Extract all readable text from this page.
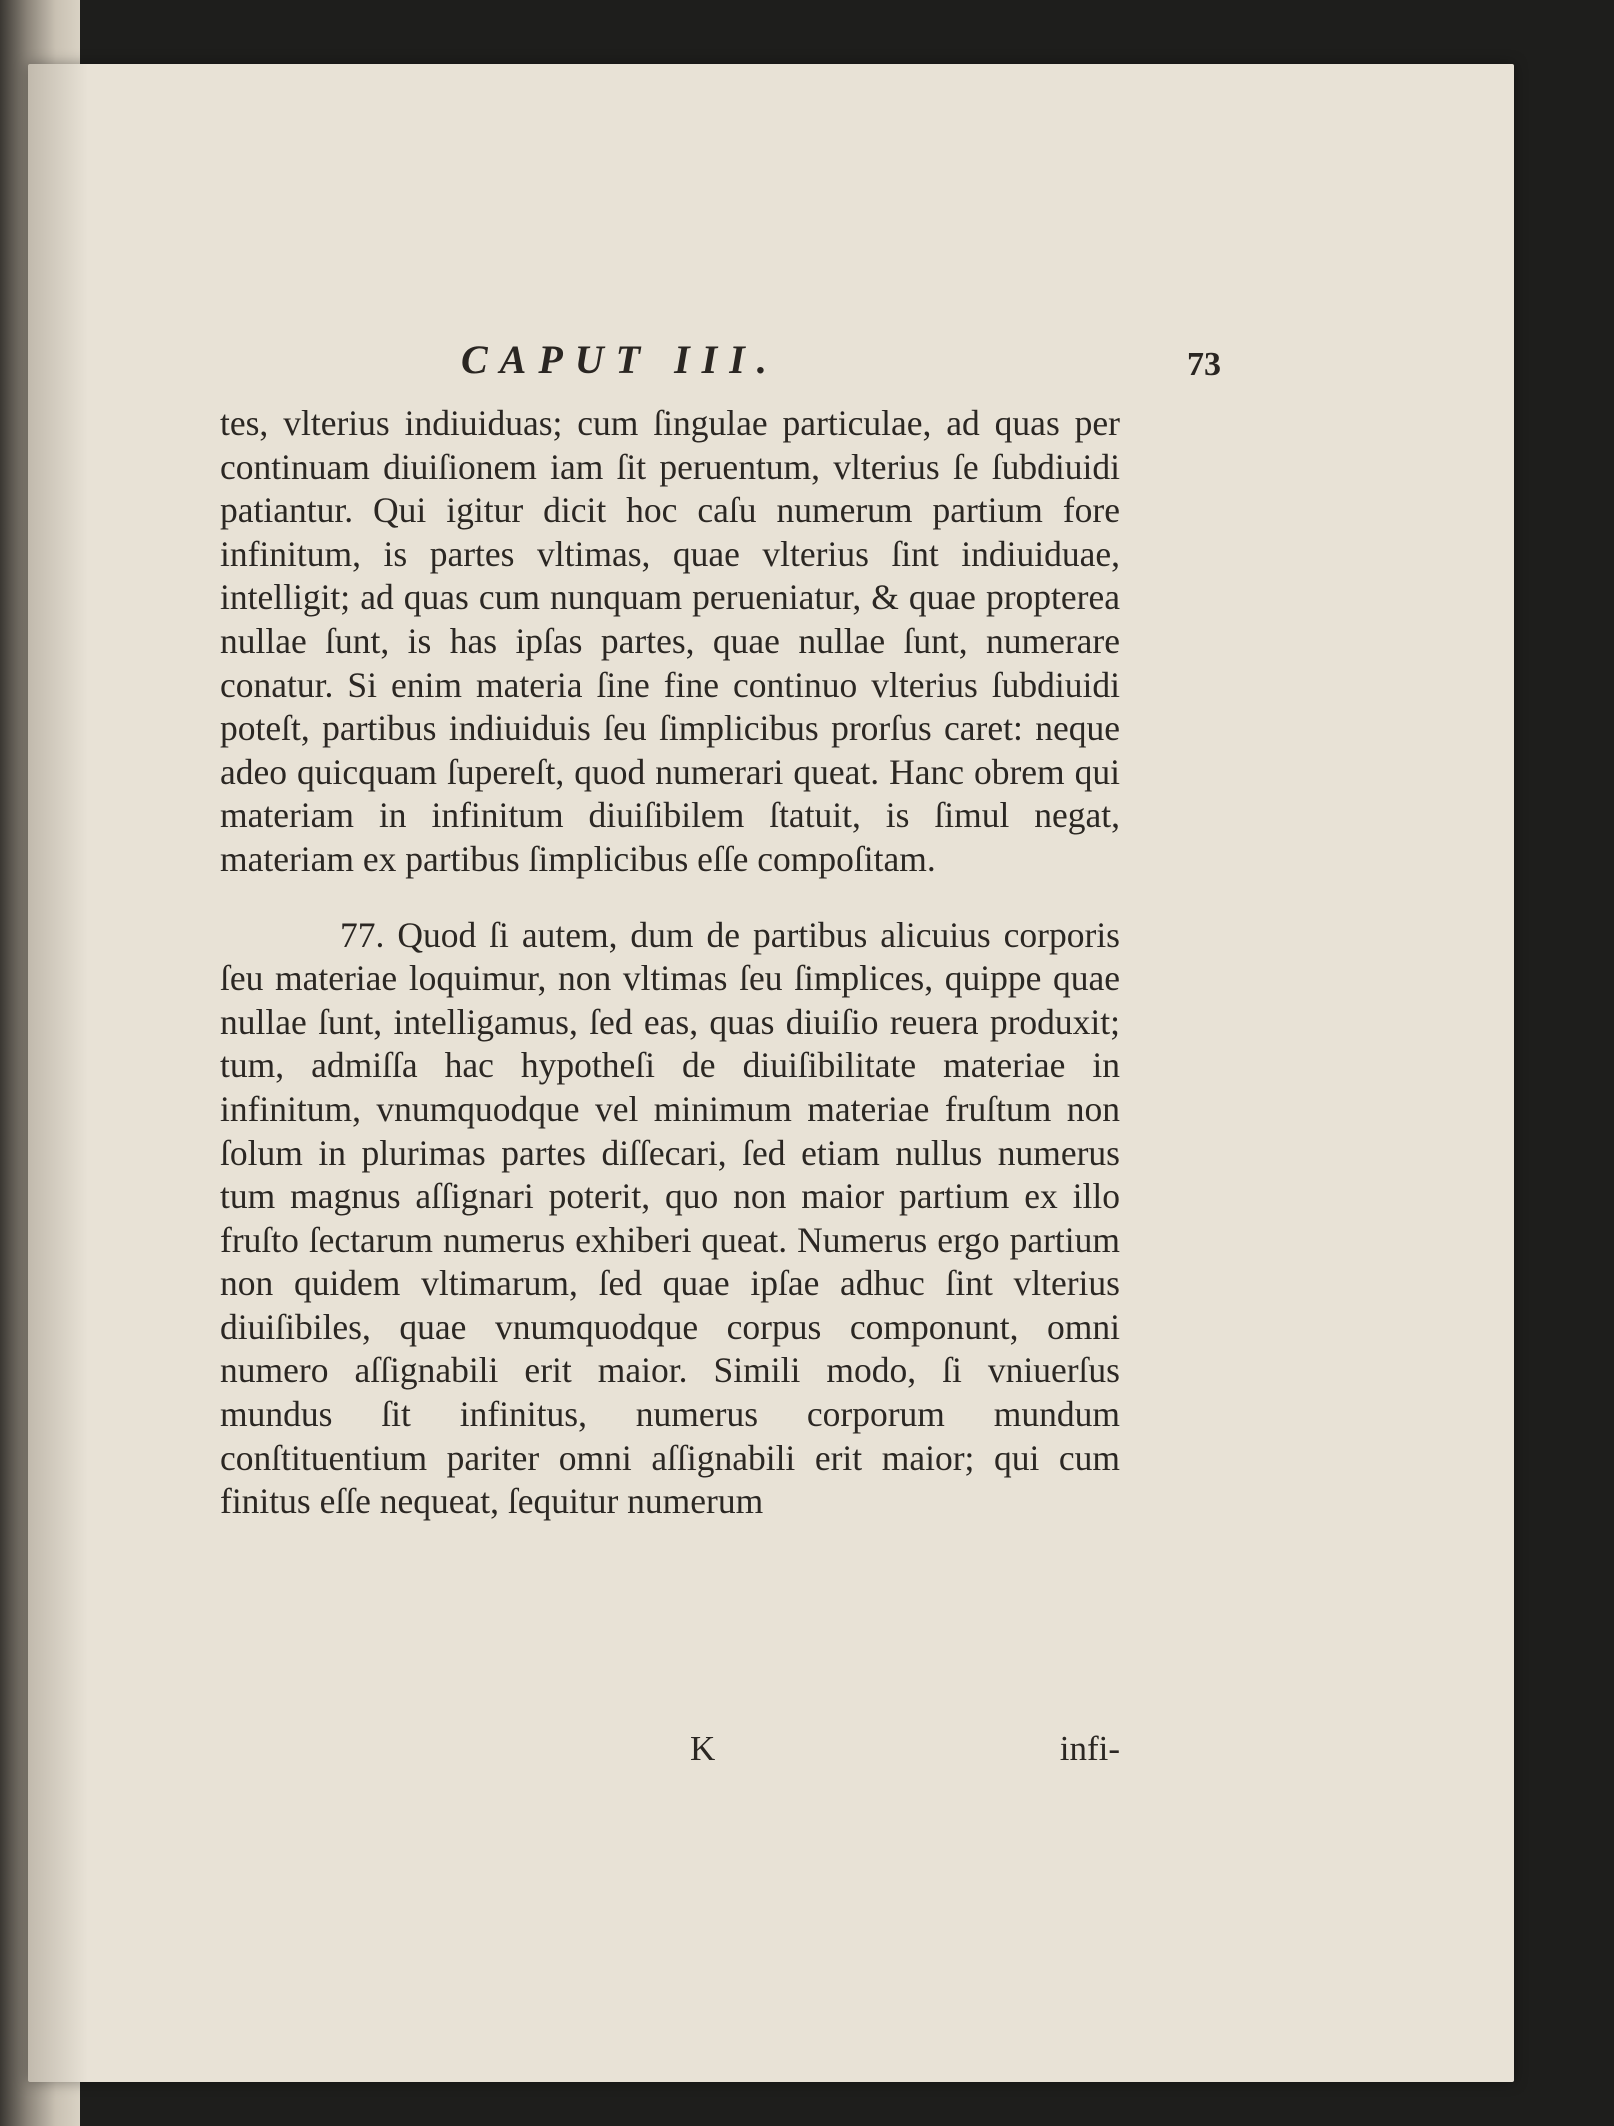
CAPUT III.	73

tes, vlterius indiuiduas; cum ſingulae particulae, ad quas per continuam diuiſionem iam ſit peruentum, vlterius ſe ſubdiuidi patiantur. Qui igitur dicit hoc caſu numerum partium fore infinitum, is partes vltimas, quae vlterius ſint indiuiduae, intelligit; ad quas cum nunquam perueniatur, & quae propterea nullae ſunt, is has ipſas partes, quae nullae ſunt, numerare conatur. Si enim materia ſine fine continuo vlterius ſubdiuidi poteſt, partibus indiuiduis ſeu ſimplicibus prorſus caret: neque adeo quicquam ſupereſt, quod numerari queat. Hanc obrem qui materiam in infinitum diuiſibilem ſtatuit, is ſimul negat, materiam ex partibus ſimplicibus eſſe compoſitam.

77. Quod ſi autem, dum de partibus alicuius corporis ſeu materiae loquimur, non vltimas ſeu ſimplices, quippe quae nullae ſunt, intelligamus, ſed eas, quas diuiſio reuera produxit; tum, admiſſa hac hypotheſi de diuiſibilitate materiae in infinitum, vnumquodque vel minimum materiae fruſtum non ſolum in plurimas partes diſſecari, ſed etiam nullus numerus tum magnus aſſignari poterit, quo non maior partium ex illo fruſto ſectarum numerus exhiberi queat. Numerus ergo partium non quidem vltimarum, ſed quae ipſae adhuc ſint vlterius diuiſibiles, quae vnumquodque corpus componunt, omni numero aſſignabili erit maior. Simili modo, ſi vniuerſus mundus ſit infinitus, numerus corporum mundum conſtituentium pariter omni aſſignabili erit maior; qui cum finitus eſſe nequeat, ſequitur numerum

K	infi-
